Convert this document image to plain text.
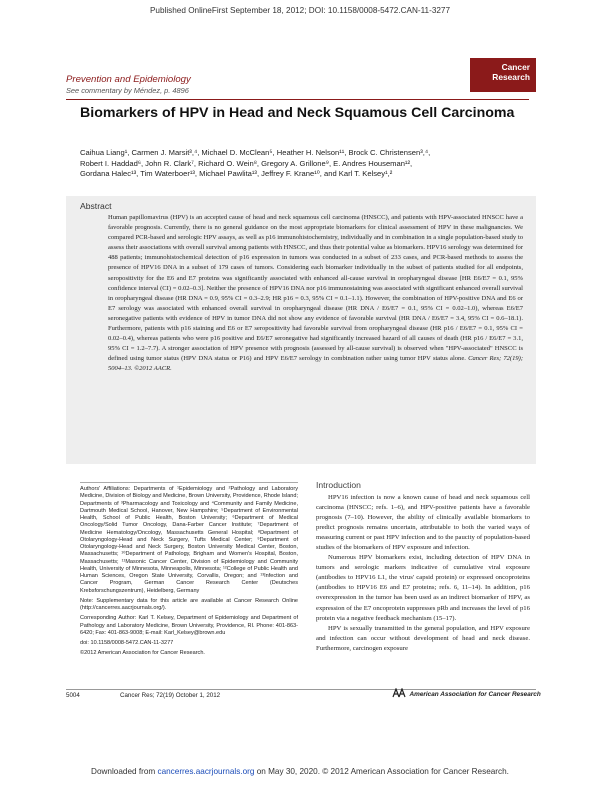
Published OnlineFirst September 18, 2012; DOI: 10.1158/0008-5472.CAN-11-3277
Prevention and Epidemiology
See commentary by Méndez, p. 4896
Cancer
Research
Biomarkers of HPV in Head and Neck Squamous Cell Carcinoma
Caihua Liang¹, Carmen J. Marsit³,⁴, Michael D. McClean⁵, Heather H. Nelson¹¹, Brock C. Christensen³,⁴,
Robert I. Haddad⁶, John R. Clark⁷, Richard O. Wein⁸, Gregory A. Grillone⁹, E. Andres Houseman¹²,
Gordana Halec¹³, Tim Waterboer¹³, Michael Pawlita¹³, Jeffrey F. Krane¹⁰, and Karl T. Kelsey¹,²
Abstract
Human papillomavirus (HPV) is an accepted cause of head and neck squamous cell carcinoma (HNSCC), and patients with HPV-associated HNSCC have a favorable prognosis. Currently, there is no general guidance on the most appropriate biomarkers for clinical assessment of HPV in these malignancies. We compared PCR-based and serologic HPV assays, as well as p16 immunohistochemistry, individually and in combination in a single population-based study to assess their associations with overall survival among patients with HNSCC, and thus their potential value as biomarkers. HPV16 serology was determined for 488 patients; immunohistochemical detection of p16 expression in tumors was conducted in a subset of 233 cases, and PCR-based methods to assess the presence of HPV16 DNA in a subset of 179 cases of tumors. Considering each biomarker individually in the subset of patients studied for all endpoints, seropositivity for the E6 and E7 proteins was significantly associated with enhanced all-cause survival in oropharyngeal disease [HR E6/E7 = 0.1, 95% confidence interval (CI) = 0.02–0.3]. Neither the presence of HPV16 DNA nor p16 immunostaining was associated with significant enhanced overall survival in oropharyngeal disease (HR DNA = 0.9, 95% CI = 0.3–2.9; HR p16 = 0.3, 95% CI = 0.1–1.1). However, the combination of HPV-positive DNA and E6 or E7 serology was associated with enhanced overall survival in oropharyngeal disease (HR DNA / E6/E7 = 0.1, 95% CI = 0.02–1.0), whereas E6/E7 seronegative patients with evidence of HPV in tumor DNA did not show any evidence of favorable survival (HR DNA / E6/E7 = 3.4, 95% CI = 0.6–18.1). Furthermore, patients with p16 staining and E6 or E7 seropositivity had favorable survival from oropharyngeal disease (HR p16 / E6/E7 = 0.1, 95% CI = 0.02–0.4), whereas patients who were p16 positive and E6/E7 seronegative had significantly increased hazard of all causes of death (HR p16 / E6/E7 = 3.1, 95% CI = 1.2–7.7). A stronger association of HPV presence with prognosis (assessed by all-cause survival) is observed when "HPV-associated" HNSCC is defined using tumor status (HPV DNA status or P16) and HPV E6/E7 serology in combination rather using tumor HPV status alone. Cancer Res; 72(19); 5004–13. ©2012 AACR.

Authors' Affiliations: Departments of ¹Epidemiology and ²Pathology and Laboratory Medicine, Division of Biology and Medicine, Brown University, Providence, Rhode Island; Departments of ³Pharmacology and Toxicology and ⁴Community and Family Medicine, Dartmouth Medical School, Hanover, New Hampshire; ⁵Department of Environmental Health, School of Public Health, Boston University; ⁶Department of Medical Oncology/Solid Tumor Oncology, Dana-Farber Cancer Institute; ⁷Department of Medicine Hematology/Oncology, Massachusetts General Hospital; ⁸Department of Otolaryngology-Head and Neck Surgery, Tufts Medical Center; ⁹Department of Otolaryngology-Head and Neck Surgery, Boston University Medical Center, Boston, Massachusetts; ¹⁰Department of Pathology, Brigham and Women's Hospital, Boston, Massachusetts; ¹¹Masonic Cancer Center, Division of Epidemiology and Community Health, University of Minnesota, Minneapolis, Minnesota; ¹²College of Public Health and Human Sciences, Oregon State University, Corvallis, Oregon; and ¹³Infection and Cancer Program, German Cancer Research Center (Deutsches Krebsforschungszentrum), Heidelberg, Germany

Note: Supplementary data for this article are available at Cancer Research Online (http://cancerres.aacrjournals.org/).

Corresponding Author: Karl T. Kelsey, Department of Epidemiology and Department of Pathology and Laboratory Medicine, Brown University, Providence, RI. Phone: 401-863-6420; Fax: 401-863-9008; E-mail: Karl_Kelsey@brown.edu

doi: 10.1158/0008-5472.CAN-11-3277

©2012 American Association for Cancer Research.

Introduction

HPV16 infection is now a known cause of head and neck squamous cell carcinoma (HNSCC; refs. 1–6), and HPV-positive patients have a favorable prognosis (7–10). However, the ability of clinically available biomarkers to predict prognosis remains uncertain, attributable to both the varied ways of measuring current or past HPV infection and to the paucity of population-based studies of the biomarkers of HPV exposure and infection.

Numerous HPV biomarkers exist, including detection of HPV DNA in tumors and serologic markers indicative of cumulative viral exposure (antibodies to HPV16 L1, the virus' capsid protein) or expressed oncoproteins (antibodies to HPV16 E6 and E7 proteins; refs. 6, 11–14). In addition, p16 overexpression in the tumor has been used as an indirect biomarker of HPV, as expression of the E7 oncoprotein suppresses pRb and increases the level of p16 protein via a negative feedback mechanism (15–17).

HPV is sexually transmitted in the general population, and HPV exposure and infection can occur without development of head and neck disease. Furthermore, carcinogen exposure

5004	Cancer Res; 72(19) October 1, 2012	American Association for Cancer Research
Downloaded from cancerres.aacrjournals.org on May 30, 2020. © 2012 American Association for Cancer Research.
